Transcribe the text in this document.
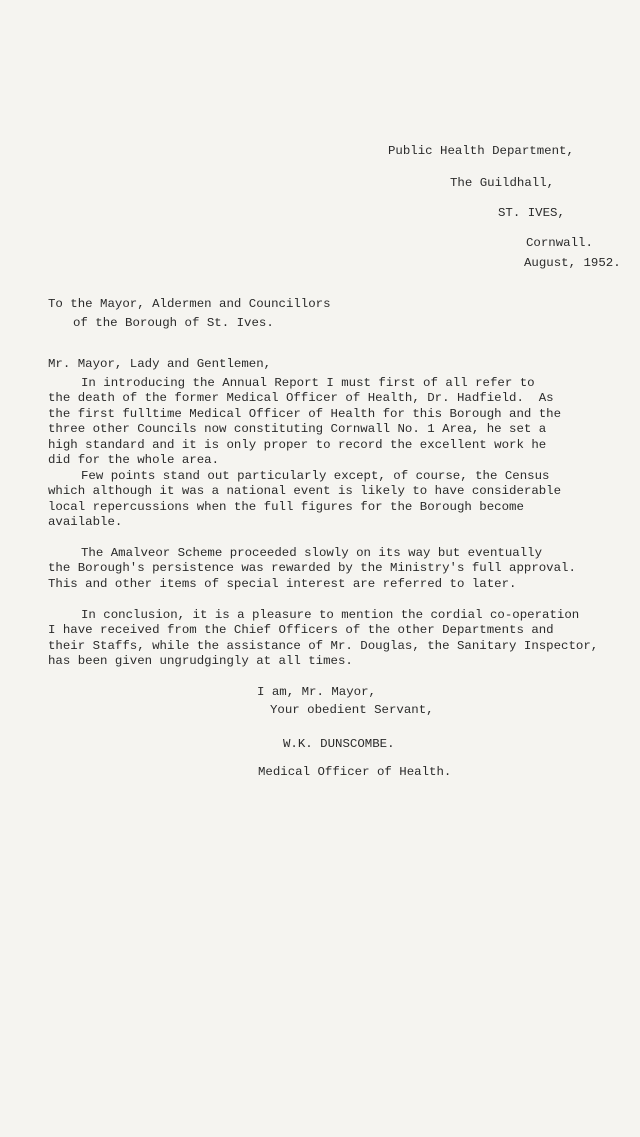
Public Health Department,
The Guildhall,
ST. IVES,
Cornwall.
August, 1952.
To the Mayor, Aldermen and Councillors
of the Borough of St. Ives.
Mr. Mayor, Lady and Gentlemen,
In introducing the Annual Report I must first of all refer to
the death of the former Medical Officer of Health, Dr. Hadfield.  As
the first fulltime Medical Officer of Health for this Borough and the
three other Councils now constituting Cornwall No. 1 Area, he set a
high standard and it is only proper to record the excellent work he
did for the whole area.
Few points stand out particularly except, of course, the Census
which although it was a national event is likely to have considerable
local repercussions when the full figures for the Borough become
available.
The Amalveor Scheme proceeded slowly on its way but eventually
the Borough's persistence was rewarded by the Ministry's full approval.
This and other items of special interest are referred to later.
In conclusion, it is a pleasure to mention the cordial co-operation
I have received from the Chief Officers of the other Departments and
their Staffs, while the assistance of Mr. Douglas, the Sanitary Inspector,
has been given ungrudgingly at all times.
I am, Mr. Mayor,
Your obedient Servant,
W.K. DUNSCOMBE.
Medical Officer of Health.
